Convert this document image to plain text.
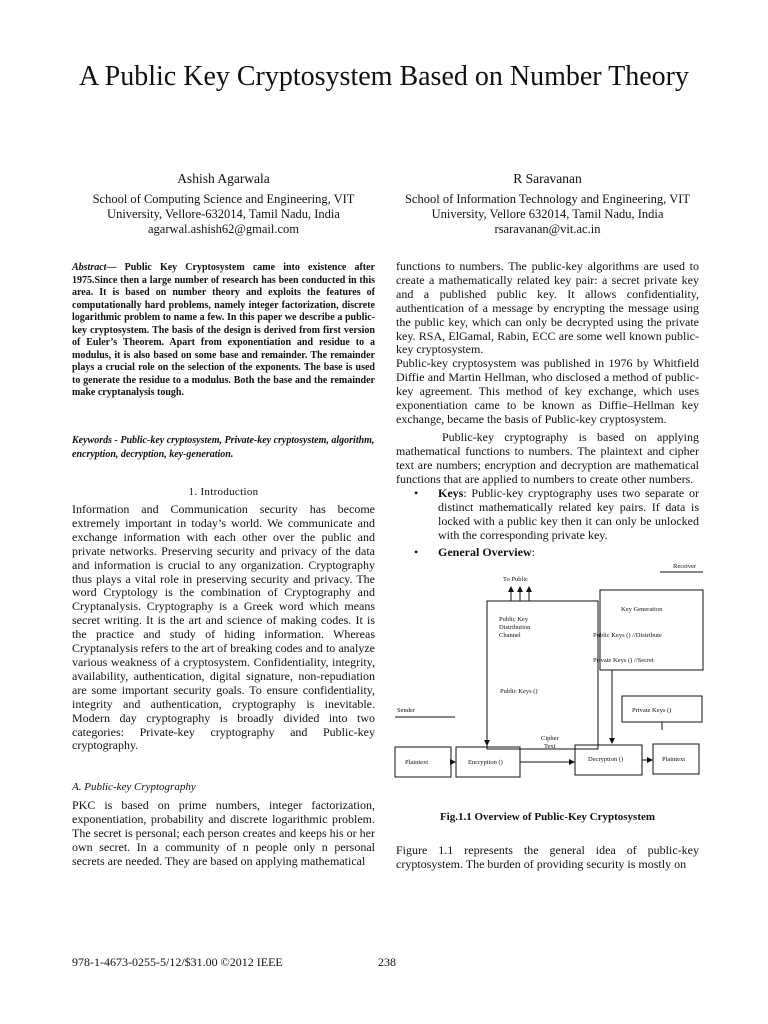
A Public Key Cryptosystem Based on Number Theory
Ashish Agarwala
School of Computing Science and Engineering, VIT
University, Vellore-632014, Tamil Nadu, India
agarwal.ashish62@gmail.com
R Saravanan
School of Information Technology and Engineering, VIT
University, Vellore 632014, Tamil Nadu, India
rsaravanan@vit.ac.in
Abstract— Public Key Cryptosystem came into existence after 1975.Since then a large number of research has been conducted in this area. It is based on number theory and exploits the features of computationally hard problems, namely integer factorization, discrete logarithmic problem to name a few. In this paper we describe a public-key cryptosystem. The basis of the design is derived from first version of Euler’s Theorem. Apart from exponentiation and residue to a modulus, it is also based on some base and remainder. The remainder plays a crucial role on the selection of the exponents. The base is used to generate the residue to a modulus. Both the base and the remainder make cryptanalysis tough.
Keywords - Public-key cryptosystem, Private-key cryptosystem, algorithm, encryption, decryption, key-generation.
1. Introduction
Information and Communication security has become extremely important in today’s world. We communicate and exchange information with each other over the public and private networks. Preserving security and privacy of the data and information is crucial to any organization. Cryptography thus plays a vital role in preserving security and privacy. The word Cryptology is the combination of Cryptography and Cryptanalysis. Cryptography is a Greek word which means secret writing. It is the art and science of making codes. It is the practice and study of hiding information. Whereas Cryptanalysis refers to the art of breaking codes and to analyze various weakness of a cryptosystem. Confidentiality, integrity, availability, authentication, digital signature, non-repudiation are some important security goals. To ensure confidentiality, integrity and authentication, cryptography is inevitable. Modern day cryptography is broadly divided into two categories: Private-key cryptography and Public-key cryptography.
A. Public-key Cryptography
PKC is based on prime numbers, integer factorization, exponentiation, probability and discrete logarithmic problem. The secret is personal; each person creates and keeps his or her own secret. In a community of n people only n personal secrets are needed. They are based on applying mathematical
functions to numbers. The public-key algorithms are used to create a mathematically related key pair: a secret private key and a published public key. It allows confidentiality, authentication of a message by encrypting the message using the public key, which can only be decrypted using the private key. RSA, ElGamal, Rabin, ECC are some well known public-key cryptosystem.
Public-key cryptosystem was published in 1976 by Whitfield Diffie and Martin Hellman, who disclosed a method of public-key agreement. This method of key exchange, which uses exponentiation came to be known as Diffie–Hellman key exchange, became the basis of Public-key cryptosystem.
Public-key cryptography is based on applying mathematical functions to numbers. The plaintext and cipher text are numbers; encryption and decryption are mathematical functions that are applied to numbers to create other numbers.
• Keys: Public-key cryptography uses two separate or distinct mathematically related key pairs. If data is locked with a public key then it can only be unlocked with the corresponding private key.
• General Overview:
Receiver
To Public
Public Key
Distribution
Channel
Key Generation
Public Keys () //Distribute
Private Keys () //Secret
Public Keys ()
Private Keys ()
Sender
Cipher
Text
Plaintext	Encryption ()	Decryption ()	Plaintext
Fig.1.1 Overview of Public-Key Cryptosystem
Figure 1.1 represents the general idea of public-key cryptosystem. The burden of providing security is mostly on
978-1-4673-0255-5/12/$31.00 ©2012 IEEE	238
